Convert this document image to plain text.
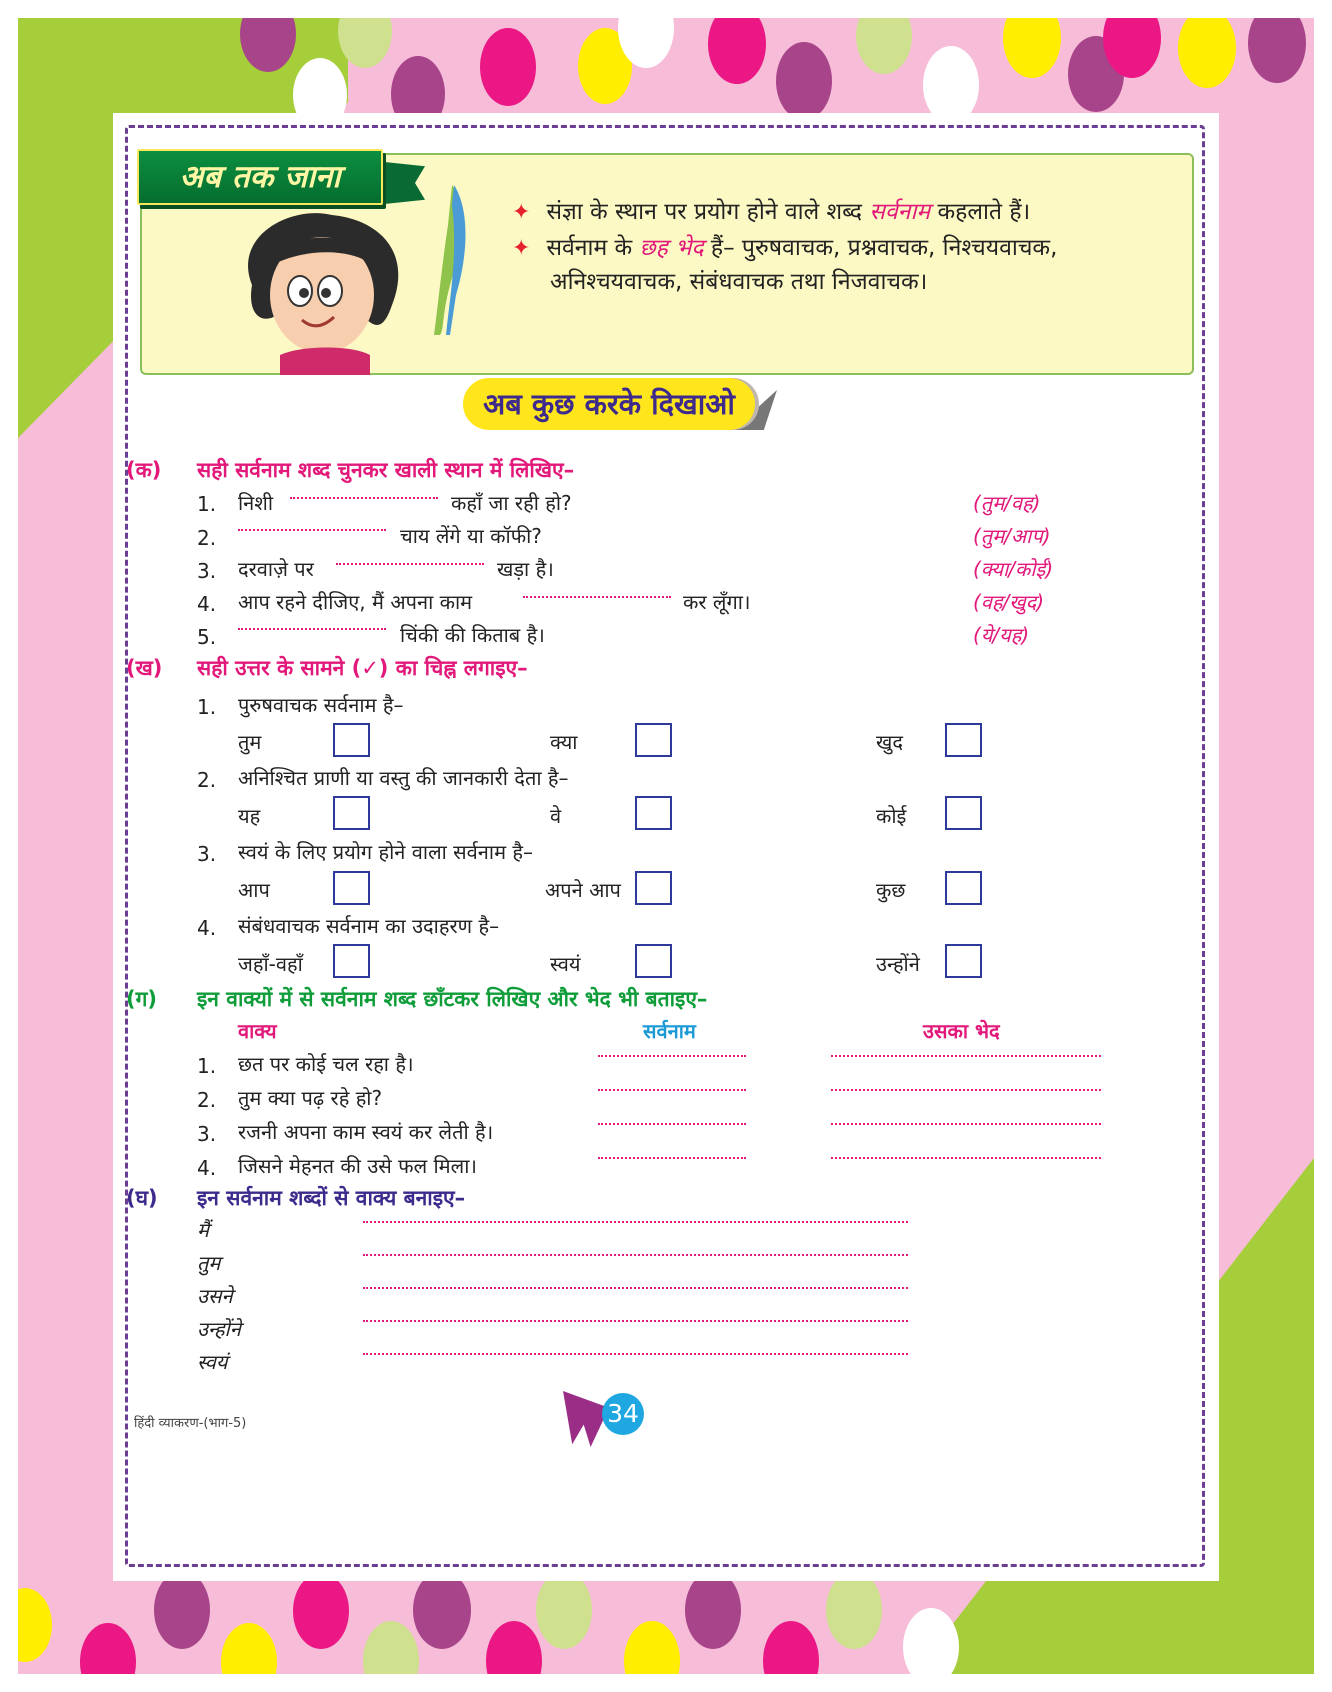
✦ संज्ञा के स्थान पर प्रयोग होने वाले शब्द सर्वनाम कहलाते हैं।
✦ सर्वनाम के छह भेद हैं– पुरुषवाचक, प्रश्नवाचक, निश्चयवाचक,
अनिश्चयवाचक, संबंधवाचक तथा निजवाचक।
अब तक जाना
अब कुछ करके दिखाओ
(क) सही सर्वनाम शब्द चुनकर खाली स्थान में लिखिए–
1. निशी	कहाँ जा रही हो?	(तुम/वह)
2.	चाय लेंगे या कॉफी?	(तुम/आप)
3. दरवाज़े पर	खड़ा है।	(क्या/कोई)
4. आप रहने दीजिए, मैं अपना काम	कर लूँगा।	(वह/खुद)
5.	चिंकी की किताब है।	(ये/यह)
(ख) सही उत्तर के सामने (✓) का चिह्न लगाइए–
1. पुरुषवाचक सर्वनाम है–
तुम	क्या	खुद
2. अनिश्चित प्राणी या वस्तु की जानकारी देता है–
यह	वे	कोई
3. स्वयं के लिए प्रयोग होने वाला सर्वनाम है–
आप	अपने आप	कुछ
4. संबंधवाचक सर्वनाम का उदाहरण है–
जहाँ-वहाँ	स्वयं	उन्होंने
(ग) इन वाक्यों में से सर्वनाम शब्द छाँटकर लिखिए और भेद भी बताइए–
वाक्य	सर्वनाम	उसका भेद
1. छत पर कोई चल रहा है।
2. तुम क्या पढ़ रहे हो?
3. रजनी अपना काम स्वयं कर लेती है।
4. जिसने मेहनत की उसे फल मिला।
(घ) इन सर्वनाम शब्दों से वाक्य बनाइए–
मैं
तुम
उसने
उन्होंने
स्वयं
हिंदी व्याकरण-(भाग-5)	34
